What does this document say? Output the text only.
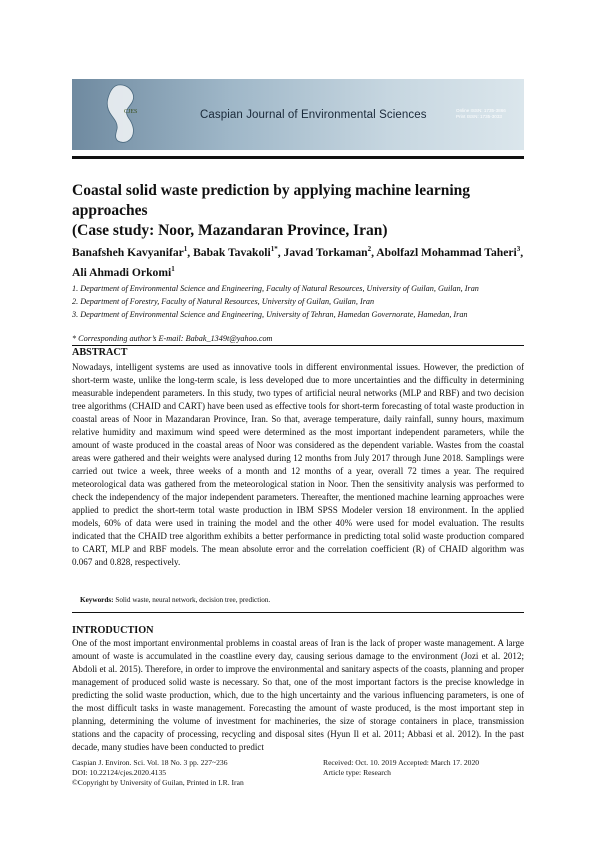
CJES	Caspian Journal of Environmental Sciences	Online ISSN: 1735-3866
Print ISSN: 1735-3033
Coastal solid waste prediction by applying machine learning approaches
(Case study: Noor, Mazandaran Province, Iran)
Banafsheh Kavyanifar$^1$, Babak Tavakoli$^{1*}$, Javad Torkaman$^2$, Abolfazl Mohammad Taheri$^3$, Ali Ahmadi Orkomi$^1$
1. Department of Environmental Science and Engineering, Faculty of Natural Resources, University of Guilan, Guilan, Iran
2. Department of Forestry, Faculty of Natural Resources, University of Guilan, Guilan, Iran
3. Department of Environmental Science and Engineering, University of Tehran, Hamedan Governorate, Hamedan, Iran
* Corresponding author’s E-mail: Babak_1349t@yahoo.com
ABSTRACT
Nowadays, intelligent systems are used as innovative tools in different environmental issues. However, the prediction of short-term waste, unlike the long-term scale, is less developed due to more uncertainties and the difficulty in determining measurable independent parameters. In this study, two types of artificial neural networks (MLP and RBF) and two decision tree algorithms (CHAID and CART) have been used as effective tools for short-term forecasting of total waste production in coastal areas of Noor in Mazandaran Province, Iran. So that, average temperature, daily rainfall, sunny hours, maximum relative humidity and maximum wind speed were determined as the most important independent parameters, while the amount of waste produced in the coastal areas of Noor was considered as the dependent variable. Wastes from the coastal areas were gathered and their weights were analysed during 12 months from July 2017 through June 2018. Samplings were carried out twice a week, three weeks of a month and 12 months of a year, overall 72 times a year. The required meteorological data was gathered from the meteorological station in Noor. Then the sensitivity analysis was performed to check the independency of the major independent parameters. Thereafter, the mentioned machine learning approaches were applied to predict the short-term total waste production in IBM SPSS Modeler version 18 environment. In the applied models, 60% of data were used in training the model and the other 40% were used for model evaluation. The results indicated that the CHAID tree algorithm exhibits a better performance in predicting total solid waste production compared to CART, MLP and RBF models. The mean absolute error and the correlation coefficient (R) of CHAID algorithm was 0.067 and 0.828, respectively.
Keywords: Solid waste, neural network, decision tree, prediction.
INTRODUCTION
One of the most important environmental problems in coastal areas of Iran is the lack of proper waste management. A large amount of waste is accumulated in the coastline every day, causing serious damage to the environment (Jozi et al. 2012; Abdoli et al. 2015). Therefore, in order to improve the environmental and sanitary aspects of the coasts, planning and proper management of produced solid waste is necessary. So that, one of the most important factors is the precise knowledge in predicting the solid waste production, which, due to the high uncertainty and the various influencing parameters, is one of the most difficult tasks in waste management. Forecasting the amount of waste produced, is the most important step in planning, determining the volume of investment for machineries, the size of storage containers in place, transmission stations and the capacity of processing, recycling and disposal sites (Hyun Il et al. 2011; Abbasi et al. 2012). In the past decade, many studies have been conducted to predict
Caspian J. Environ. Sci. Vol. 18 No. 3 pp. 227~236
DOI: 10.22124/cjes.2020.4135
©Copyright by University of Guilan, Printed in I.R. Iran
Received: Oct. 10. 2019 Accepted: March 17. 2020
Article type: Research
